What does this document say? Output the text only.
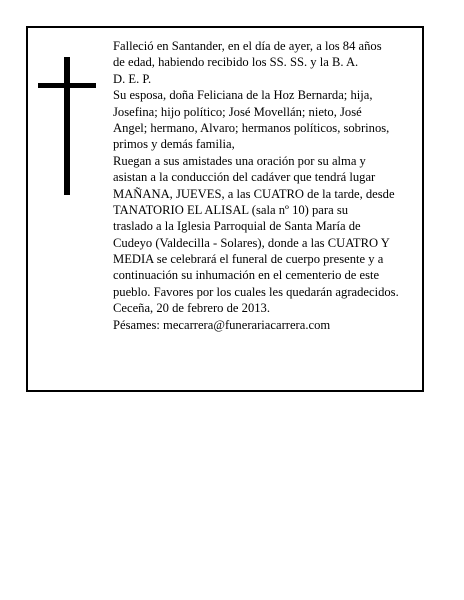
Falleció en Santander, en el día de ayer, a los 84 años
de edad, habiendo recibido los SS. SS. y la B. A.
D. E. P.
Su esposa, doña Feliciana de la Hoz Bernarda; hija,
Josefina; hijo político; José Movellán; nieto, José
Angel; hermano, Alvaro; hermanos políticos, sobrinos,
primos y demás familia,
Ruegan a sus amistades una oración por su alma y
asistan a la conducción del cadáver que tendrá lugar
MAÑANA, JUEVES, a las CUATRO de la tarde, desde
TANATORIO EL ALISAL (sala nº 10) para su
traslado a la Iglesia Parroquial de Santa María de
Cudeyo (Valdecilla - Solares), donde a las CUATRO Y
MEDIA se celebrará el funeral de cuerpo presente y a
continuación su inhumación en el cementerio de este
pueblo. Favores por los cuales les quedarán agradecidos.
Ceceña, 20 de febrero de 2013.
Pésames: mecarrera@funerariacarrera.com
